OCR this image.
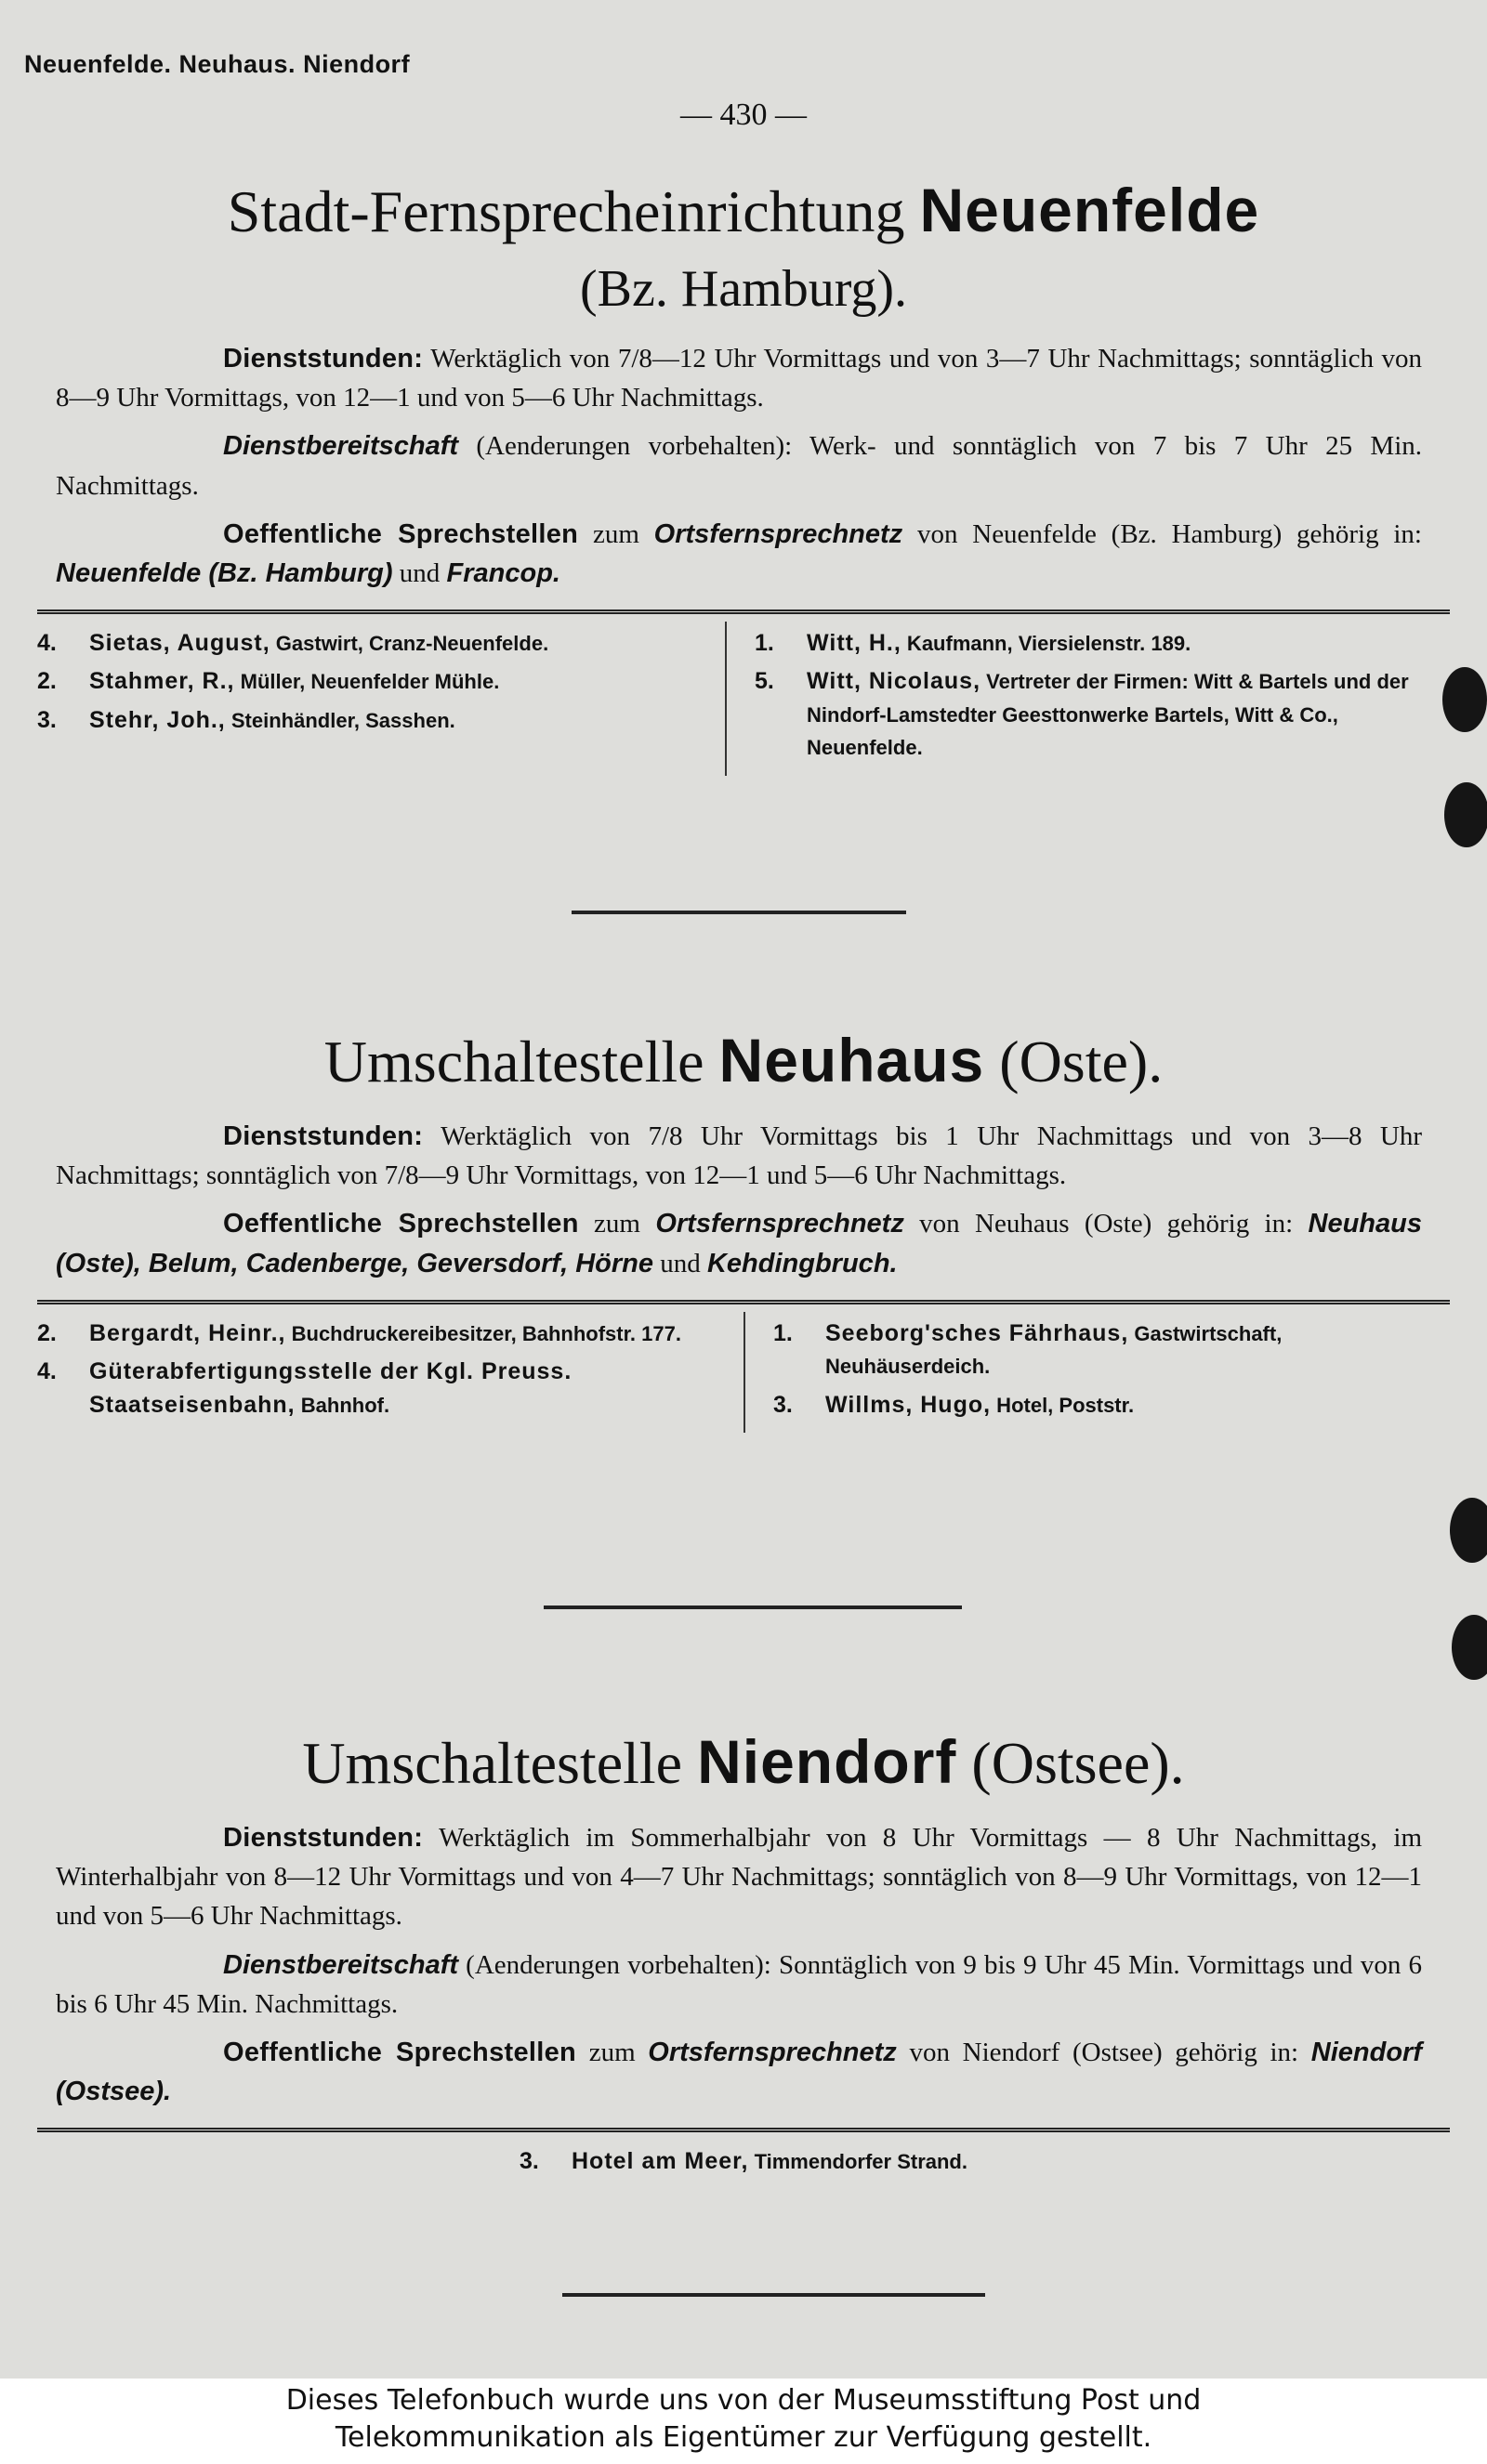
Neuenfelde. Neuhaus. Niendorf
— 430 —
Stadt-Fernsprecheinrichtung Neuenfelde
(Bz. Hamburg).
Dienststunden: Werktäglich von 7/8—12 Uhr Vormittags und von 3—7 Uhr Nachmittags; sonntäglich von 8—9 Uhr Vormittags, von 12—1 und von 5—6 Uhr Nachmittags.
Dienstbereitschaft (Aenderungen vorbehalten): Werk- und sonntäglich von 7 bis 7 Uhr 25 Min. Nachmittags.
Oeffentliche Sprechstellen zum Ortsfernsprechnetz von Neuenfelde (Bz. Hamburg) gehörig in: Neuenfelde (Bz. Hamburg) und Francop.
4.	Sietas, August, Gastwirt, Cranz-Neuenfelde.
2.	Stahmer, R., Müller, Neuenfelder Mühle.
3.	Stehr, Joh., Steinhändler, Sasshen.
1.	Witt, H., Kaufmann, Viersielenstr. 189.
5.	Witt, Nicolaus, Vertreter der Firmen: Witt & Bartels und der Nindorf-Lamstedter Geesttonwerke Bartels, Witt & Co., Neuenfelde.
Umschaltestelle Neuhaus (Oste).
Dienststunden: Werktäglich von 7/8 Uhr Vormittags bis 1 Uhr Nachmittags und von 3—8 Uhr Nachmittags; sonntäglich von 7/8—9 Uhr Vormittags, von 12—1 und 5—6 Uhr Nachmittags.
Oeffentliche Sprechstellen zum Ortsfernsprechnetz von Neuhaus (Oste) gehörig in: Neuhaus (Oste), Belum, Cadenberge, Geversdorf, Hörne und Kehdingbruch.
2.	Bergardt, Heinr., Buchdruckereibesitzer, Bahnhofstr. 177.
4.	Güterabfertigungsstelle der Kgl. Preuss. Staatseisenbahn, Bahnhof.
1.	Seeborg'sches Fährhaus, Gastwirtschaft, Neuhäuserdeich.
3.	Willms, Hugo, Hotel, Poststr.
Umschaltestelle Niendorf (Ostsee).
Dienststunden: Werktäglich im Sommerhalbjahr von 8 Uhr Vormittags — 8 Uhr Nachmittags, im Winterhalbjahr von 8—12 Uhr Vormittags und von 4—7 Uhr Nachmittags; sonntäglich von 8—9 Uhr Vormittags, von 12—1 und von 5—6 Uhr Nachmittags.
Dienstbereitschaft (Aenderungen vorbehalten): Sonntäglich von 9 bis 9 Uhr 45 Min. Vormittags und von 6 bis 6 Uhr 45 Min. Nachmittags.
Oeffentliche Sprechstellen zum Ortsfernsprechnetz von Niendorf (Ostsee) gehörig in: Niendorf (Ostsee).
3.	Hotel am Meer, Timmendorfer Strand.
Dieses Telefonbuch wurde uns von der Museumsstiftung Post und
Telekommunikation als Eigentümer zur Verfügung gestellt.
